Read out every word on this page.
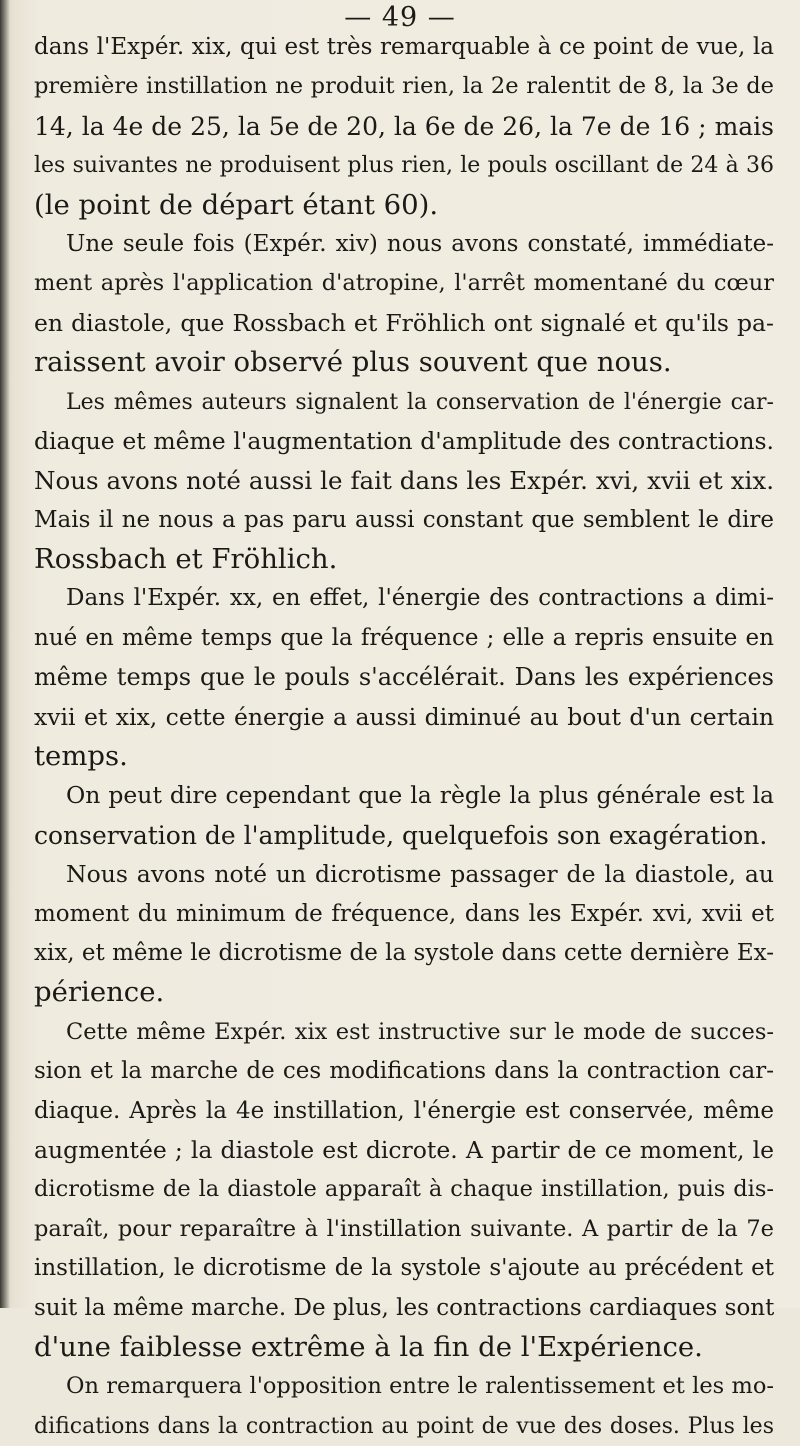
— 49 —
dans l'Expér. xix, qui est très remarquable à ce point de vue, la
première instillation ne produit rien, la 2e ralentit de 8, la 3e de
14, la 4e de 25, la 5e de 20, la 6e de 26, la 7e de 16 ; mais
les suivantes ne produisent plus rien, le pouls oscillant de 24 à 36
(le point de départ étant 60).
Une seule fois (Expér. xiv) nous avons constaté, immédiate-
ment après l'application d'atropine, l'arrêt momentané du cœur
en diastole, que Rossbach et Fröhlich ont signalé et qu'ils pa-
raissent avoir observé plus souvent que nous.
Les mêmes auteurs signalent la conservation de l'énergie car-
diaque et même l'augmentation d'amplitude des contractions.
Nous avons noté aussi le fait dans les Expér. xvi, xvii et xix.
Mais il ne nous a pas paru aussi constant que semblent le dire
Rossbach et Fröhlich.
Dans l'Expér. xx, en effet, l'énergie des contractions a dimi-
nué en même temps que la fréquence ; elle a repris ensuite en
même temps que le pouls s'accélérait. Dans les expériences
xvii et xix, cette énergie a aussi diminué au bout d'un certain
temps.
On peut dire cependant que la règle la plus générale est la
conservation de l'amplitude, quelquefois son exagération.
Nous avons noté un dicrotisme passager de la diastole, au
moment du minimum de fréquence, dans les Expér. xvi, xvii et
xix, et même le dicrotisme de la systole dans cette dernière Ex-
périence.
Cette même Expér. xix est instructive sur le mode de succes-
sion et la marche de ces modifications dans la contraction car-
diaque. Après la 4e instillation, l'énergie est conservée, même
augmentée ; la diastole est dicrote. A partir de ce moment, le
dicrotisme de la diastole apparaît à chaque instillation, puis dis-
paraît, pour reparaître à l'instillation suivante. A partir de la 7e
instillation, le dicrotisme de la systole s'ajoute au précédent et
suit la même marche. De plus, les contractions cardiaques sont
d'une faiblesse extrême à la fin de l'Expérience.
On remarquera l'opposition entre le ralentissement et les mo-
difications dans la contraction au point de vue des doses. Plus les
